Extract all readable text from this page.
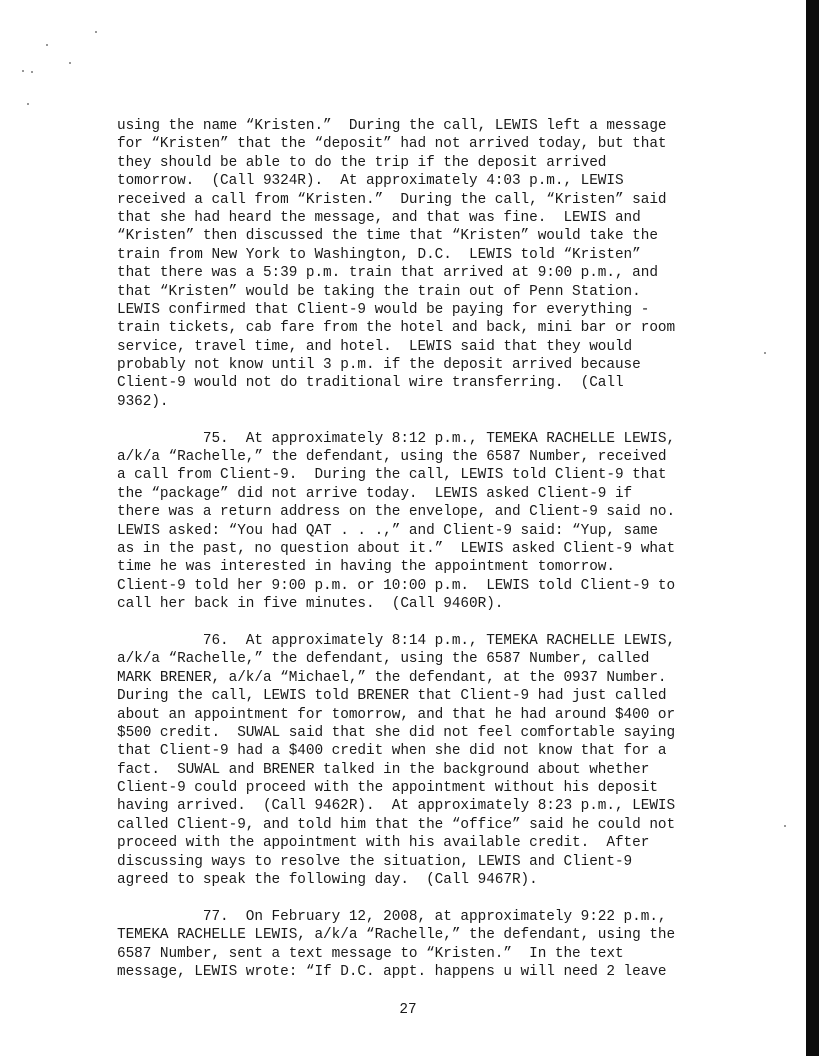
using the name “Kristen.”  During the call, LEWIS left a message
for “Kristen” that the “deposit” had not arrived today, but that
they should be able to do the trip if the deposit arrived
tomorrow.  (Call 9324R).  At approximately 4:03 p.m., LEWIS
received a call from “Kristen.”  During the call, “Kristen” said
that she had heard the message, and that was fine.  LEWIS and
“Kristen” then discussed the time that “Kristen” would take the
train from New York to Washington, D.C.  LEWIS told “Kristen”
that there was a 5:39 p.m. train that arrived at 9:00 p.m., and
that “Kristen” would be taking the train out of Penn Station.
LEWIS confirmed that Client-9 would be paying for everything -
train tickets, cab fare from the hotel and back, mini bar or room
service, travel time, and hotel.  LEWIS said that they would
probably not know until 3 p.m. if the deposit arrived because
Client-9 would not do traditional wire transferring.  (Call
9362).
75.  At approximately 8:12 p.m., TEMEKA RACHELLE LEWIS,
a/k/a “Rachelle,” the defendant, using the 6587 Number, received
a call from Client-9.  During the call, LEWIS told Client-9 that
the “package” did not arrive today.  LEWIS asked Client-9 if
there was a return address on the envelope, and Client-9 said no.
LEWIS asked: “You had QAT . . .,” and Client-9 said: “Yup, same
as in the past, no question about it.”  LEWIS asked Client-9 what
time he was interested in having the appointment tomorrow.
Client-9 told her 9:00 p.m. or 10:00 p.m.  LEWIS told Client-9 to
call her back in five minutes.  (Call 9460R).
76.  At approximately 8:14 p.m., TEMEKA RACHELLE LEWIS,
a/k/a “Rachelle,” the defendant, using the 6587 Number, called
MARK BRENER, a/k/a “Michael,” the defendant, at the 0937 Number.
During the call, LEWIS told BRENER that Client-9 had just called
about an appointment for tomorrow, and that he had around $400 or
$500 credit.  SUWAL said that she did not feel comfortable saying
that Client-9 had a $400 credit when she did not know that for a
fact.  SUWAL and BRENER talked in the background about whether
Client-9 could proceed with the appointment without his deposit
having arrived.  (Call 9462R).  At approximately 8:23 p.m., LEWIS
called Client-9, and told him that the “office” said he could not
proceed with the appointment with his available credit.  After
discussing ways to resolve the situation, LEWIS and Client-9
agreed to speak the following day.  (Call 9467R).
77.  On February 12, 2008, at approximately 9:22 p.m.,
TEMEKA RACHELLE LEWIS, a/k/a “Rachelle,” the defendant, using the
6587 Number, sent a text message to “Kristen.”  In the text
message, LEWIS wrote: “If D.C. appt. happens u will need 2 leave
27
